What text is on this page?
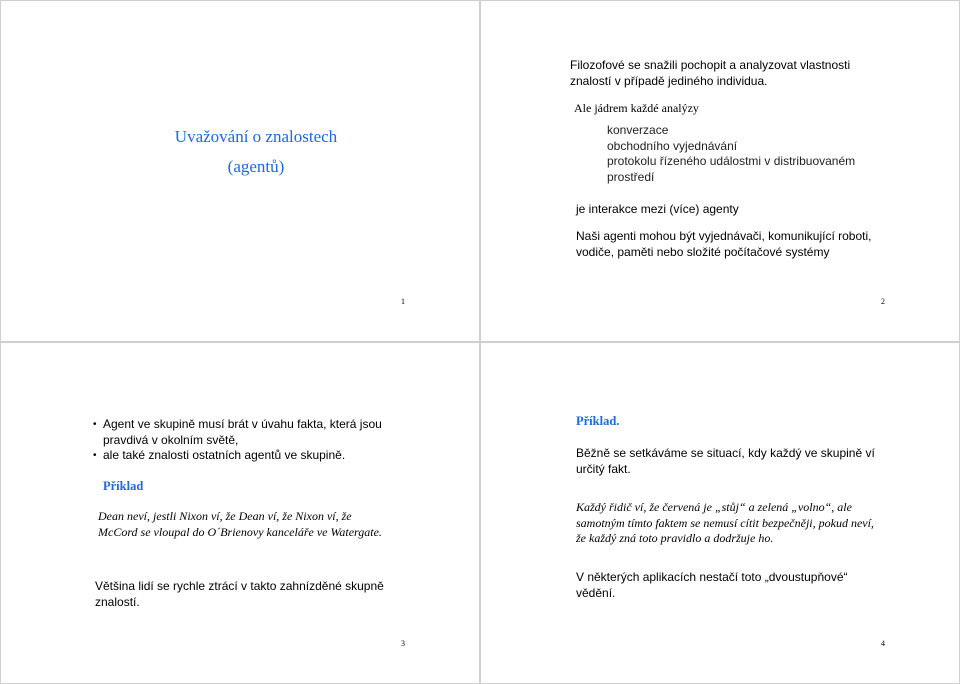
Uvažování o znalostech
(agentů)
1
Filozofové se snažili pochopit a analyzovat vlastnosti znalostí v případě jediného individua.
Ale jádrem každé analýzy
konverzace
obchodního vyjednávání
protokolu řízeného událostmi v distribuovaném prostředí
je interakce mezi (více) agenty
Naši agenti mohou být vyjednávači, komunikující roboti, vodiče, paměti nebo složité počítačové systémy
2
• Agent ve skupině musí brát v úvahu fakta, která jsou pravdivá v okolním světě,
• ale také znalosti ostatních agentů ve skupině.
Příklad
Dean neví, jestli Nixon ví, že Dean ví, že Nixon ví, že McCord se vloupal do O´Brienovy kanceláře ve Watergate.
Většina lidí se rychle ztrácí v takto zahnízděné skupně znalostí.
3
Příklad.
Běžně se setkáváme se situací, kdy každý ve skupině ví určitý fakt.
Každý řidič ví, že červená je „stůj“ a zelená „volno“, ale samotným tímto faktem se nemusí cítit bezpečněji, pokud neví, že každý zná toto pravidlo a dodržuje ho.
V některých aplikacích nestačí toto „dvoustupňové“ vědění.
4
